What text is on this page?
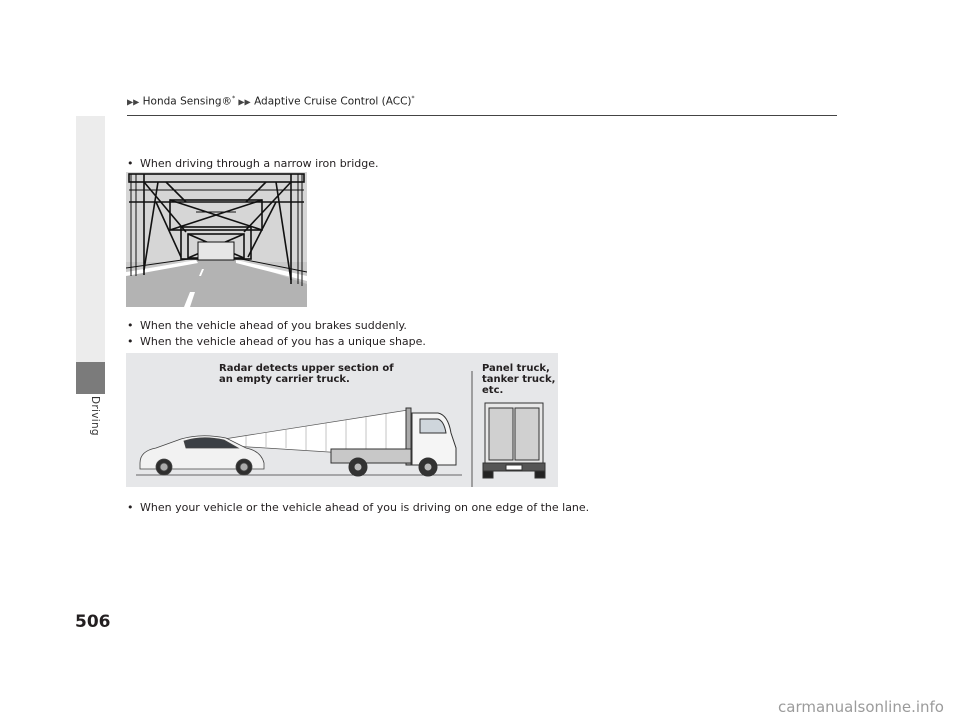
Driving
▶▶ Honda Sensing®* ▶▶ Adaptive Cruise Control (ACC)*
• When driving through a narrow iron bridge.
• When the vehicle ahead of you brakes suddenly.
• When the vehicle ahead of you has a unique shape.
Radar detects upper section of
an empty carrier truck.
Panel truck,
tanker truck,
etc.
• When your vehicle or the vehicle ahead of you is driving on one edge of the lane.
506
carmanualsonline.info
